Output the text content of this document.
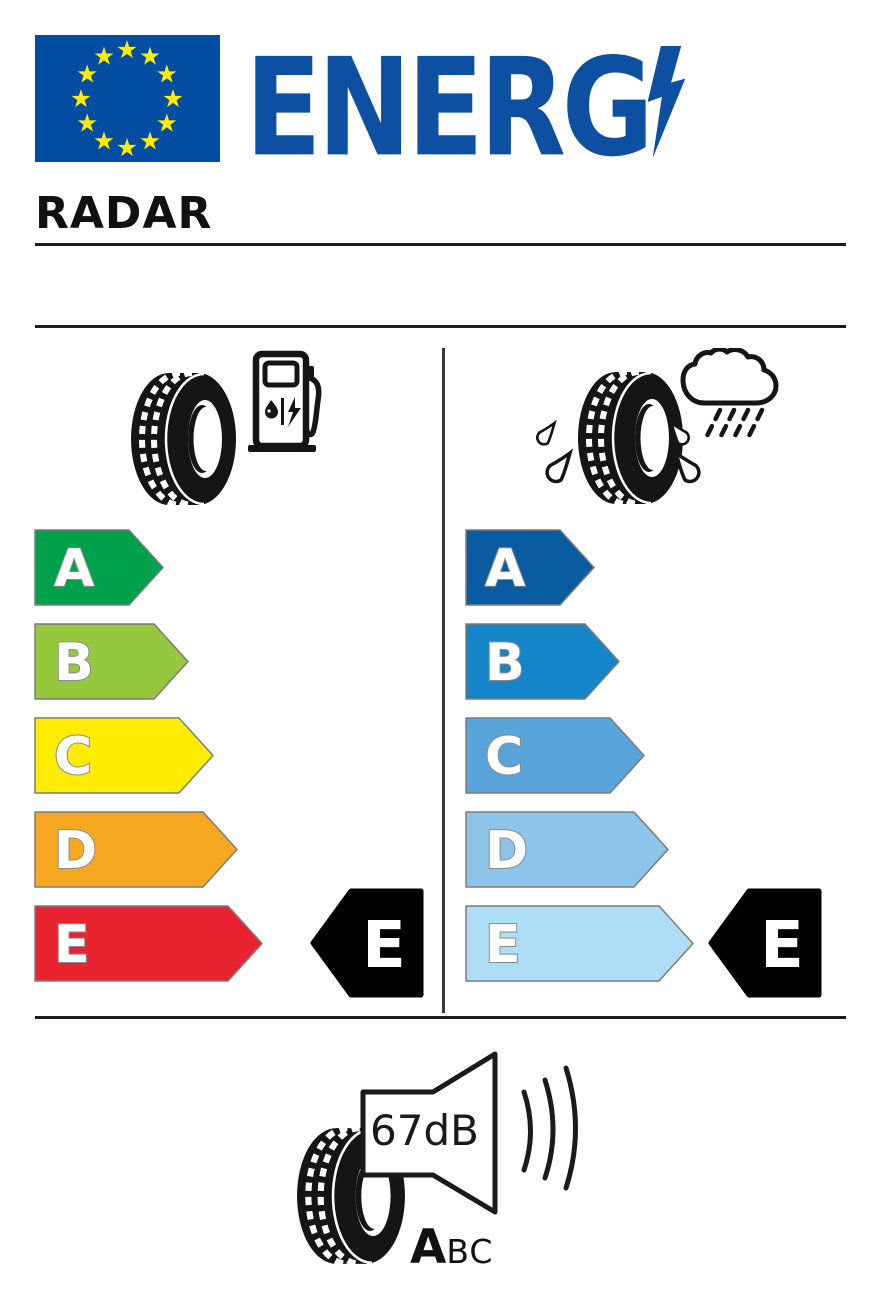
ENERG
RADAR
A
B
C
D
E
A
B
C
D
E
E	E
67dB
A BC
